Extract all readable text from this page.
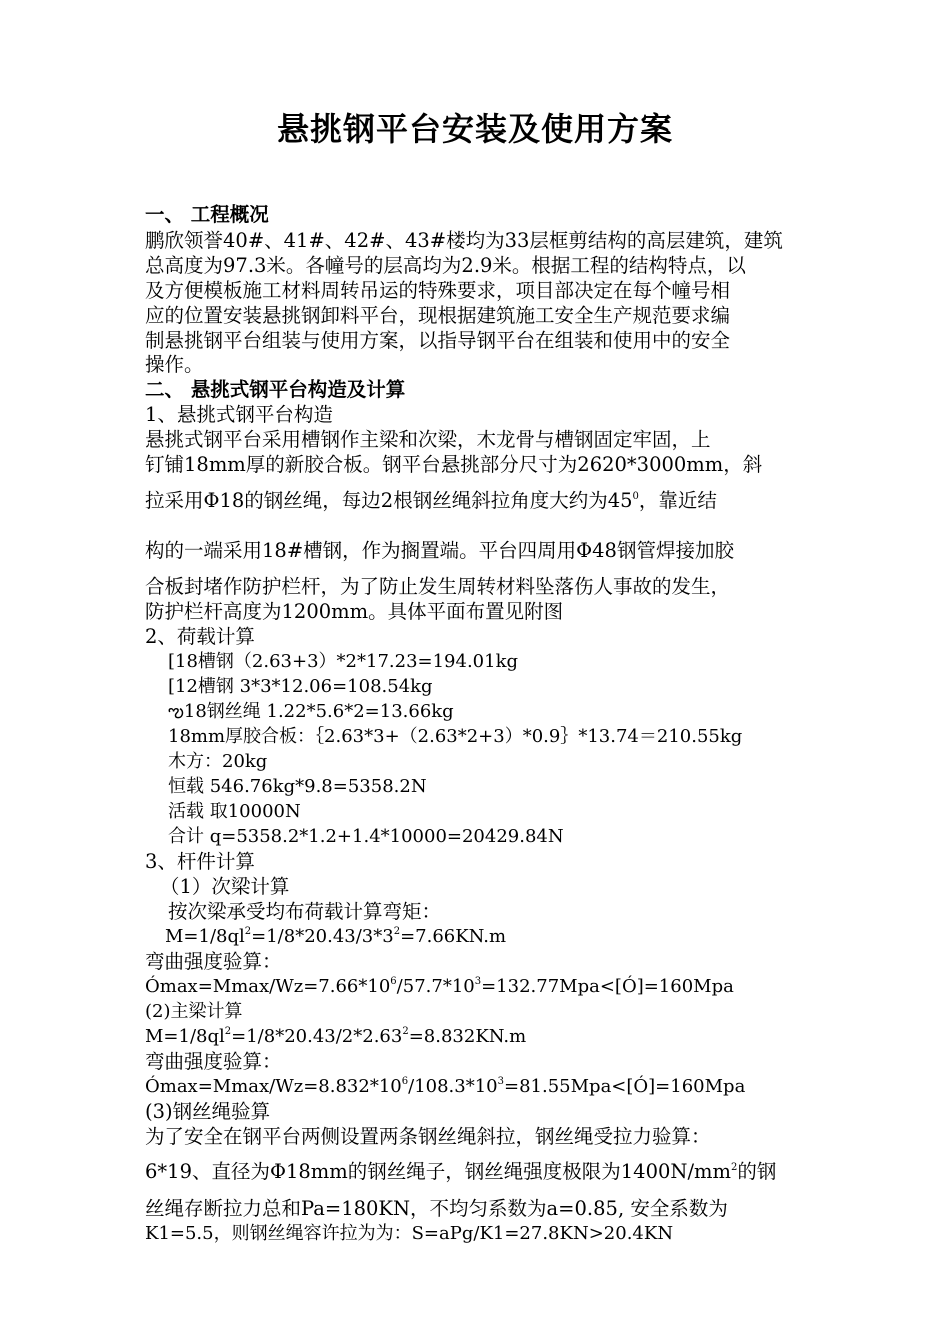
悬挑钢平台安装及使用方案
一、 工程概况
鹏欣领誉40#、41#、42#、43#楼均为33层框剪结构的高层建筑，建筑
总高度为97.3米。各幢号的层高均为2.9米。根据工程的结构特点，以
及方便模板施工材料周转吊运的特殊要求，项目部决定在每个幢号相
应的位置安装悬挑钢卸料平台，现根据建筑施工安全生产规范要求编
制悬挑钢平台组装与使用方案，以指导钢平台在组装和使用中的安全
操作。
二、 悬挑式钢平台构造及计算
1、悬挑式钢平台构造
悬挑式钢平台采用槽钢作主梁和次梁，木龙骨与槽钢固定牢固，上
钉铺18mm厚的新胶合板。钢平台悬挑部分尺寸为2620*3000mm，斜
拉采用Φ18的钢丝绳，每边2根钢丝绳斜拉角度大约为$45^0$，靠近结
构的一端采用18#槽钢，作为搁置端。平台四周用Φ48钢管焊接加胶
合板封堵作防护栏杆，为了防止发生周转材料坠落伤人事故的发生，
防护栏杆高度为1200mm。具体平面布置见附图
2、荷载计算
[18槽钢（2.63+3）*2*17.23=194.01kg
[12槽钢 3*3*12.06=108.54kg
ఌ18钢丝绳 1.22*5.6*2=13.66kg
18mm厚胶合板：｛2.63*3+（2.63*2+3）*0.9｝*13.74＝210.55kg
木方：20kg
恒载 546.76kg*9.8=5358.2N
活载 取10000N
合计 q=5358.2*1.2+1.4*10000=20429.84N
3、杆件计算
（1）次梁计算
按次梁承受均布荷载计算弯矩：
$M=1/8ql^2=1/8*20.43/3*3^2=7.66KN.m$
弯曲强度验算：
$Ó\max=Mmax/Wz=7.66*10^6/57.7*10^3=132.77Mpa<[Ó]=160Mpa$
(2)主梁计算
$M=1/8ql^2=1/8*20.43/2*2.63^2=8.832KN.m$
弯曲强度验算：
$Ó\max=Mmax/Wz=8.832*10^6/108.3*10^3=81.55Mpa<[Ó]=160Mpa$
(3)钢丝绳验算
为了安全在钢平台两侧设置两条钢丝绳斜拉，钢丝绳受拉力验算：
6*19、直径为Φ18mm的钢丝绳子，钢丝绳强度极限为$1400N/mm^2$的钢
丝绳存断拉力总和Pa=180KN，不均匀系数为a=0.85, 安全系数为
K1=5.5，则钢丝绳容许拉为为：S=aPg/K1=27.8KN>20.4KN
